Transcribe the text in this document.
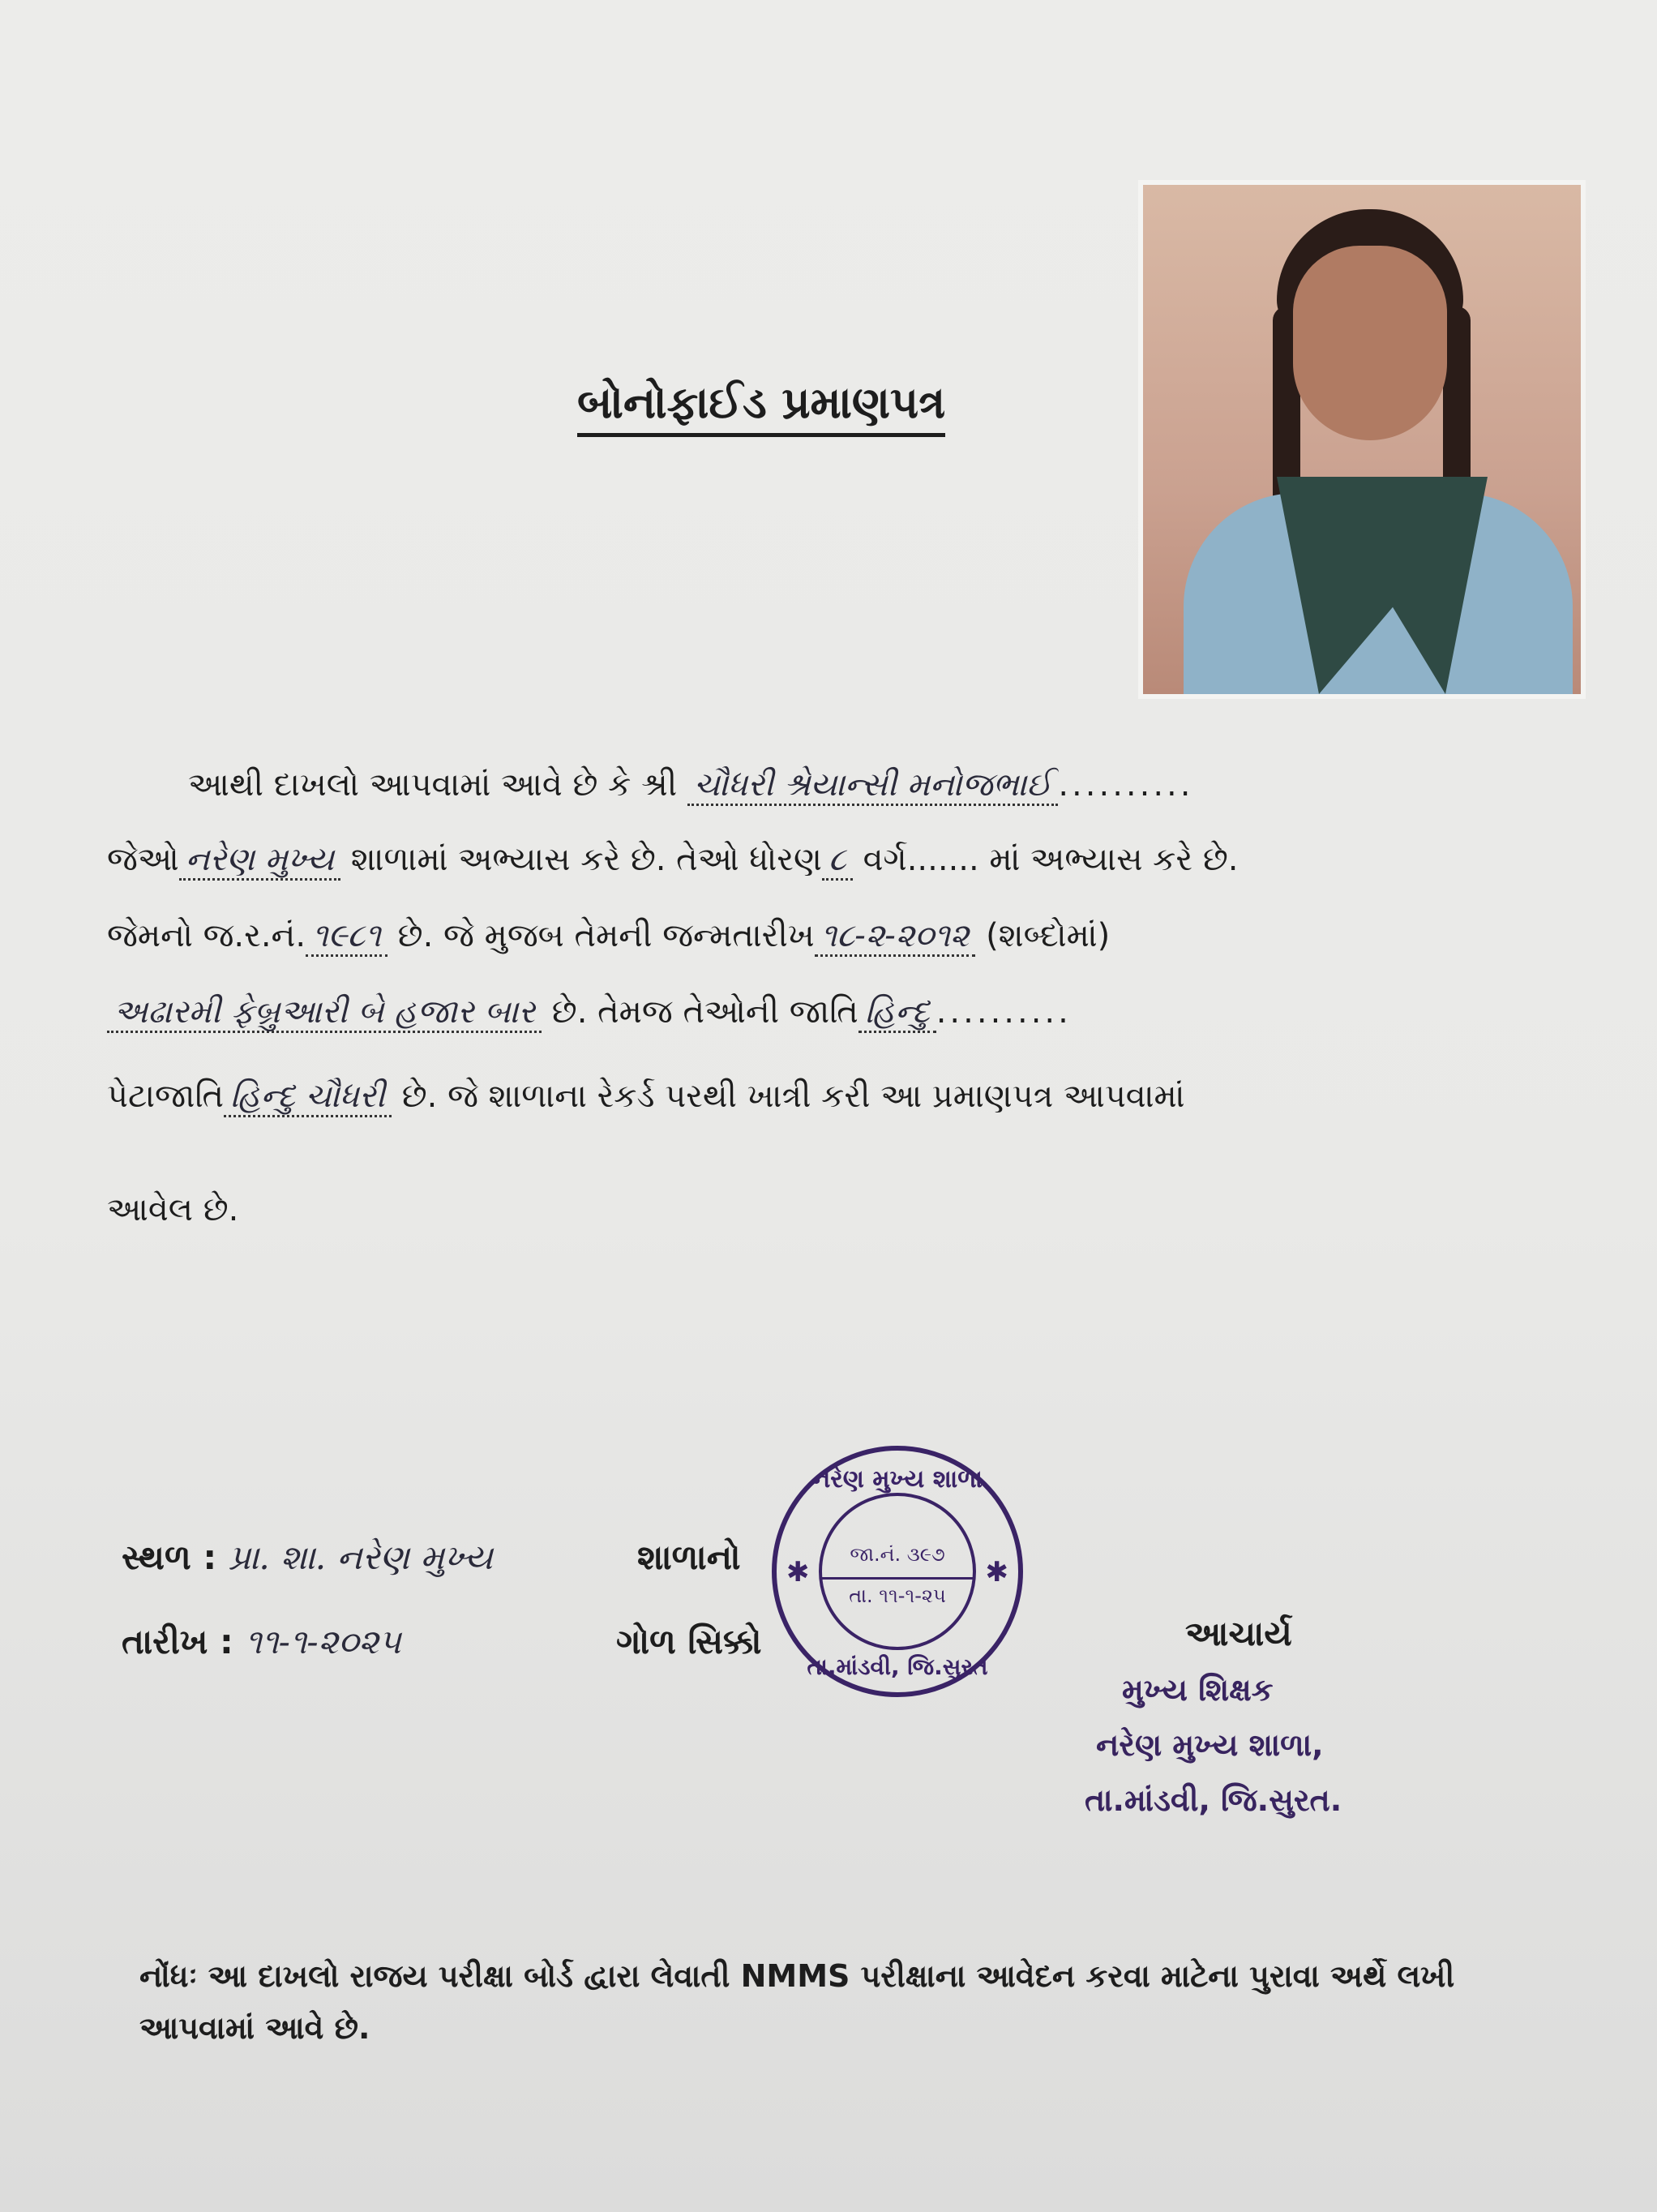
બોનોફાઈડ પ્રમાણપત્ર
આથી દાખલો આપવામાં આવે છે કે શ્રી ચૌધરી શ્રેયાન્સી મનોજભાઈ ..........
જેઓ નરેણ મુખ્ય શાળામાં અભ્યાસ કરે છે. તેઓ ધોરણ ૮ વર્ગ....... માં અભ્યાસ કરે છે.
જેમનો જ.ર.નં. ૧૯૮૧ છે. જે મુજબ તેમની જન્મતારીખ ૧૮-૨-૨૦૧૨ (શબ્દોમાં)
અઢારમી ફેબ્રુઆરી બે હજાર બાર છે. તેમજ તેઓની જાતિ હિન્દુ ..........
પેટાજાતિ હિન્દુ ચૌધરી છે. જે શાળાના રેકર્ડ પરથી ખાત્રી કરી આ પ્રમાણપત્ર આપવામાં
આવેલ છે.
સ્થળ : પ્રા. શા. નરેણ મુખ્ય
તારીખ : ૧૧-૧-૨૦૨૫
શાળાનો
ગોળ સિક્કો
નરેણ મુખ્ય શાળા
✱	✱
જા.નં. ૩૯૭
તા. ૧૧-૧-૨૫
તા.માંડવી, જિ.સુરત
આચાર્ય
મુખ્ય શિક્ષક
નરેણ મુખ્ય શાળા,
તા.માંડવી, જિ.સુરત.
નોંધઃ આ દાખલો રાજય પરીક્ષા બોર્ડ દ્વારા લેવાતી NMMS પરીક્ષાના આવેદન કરવા માટેના પુરાવા અર્થે લખી આપવામાં આવે છે.
